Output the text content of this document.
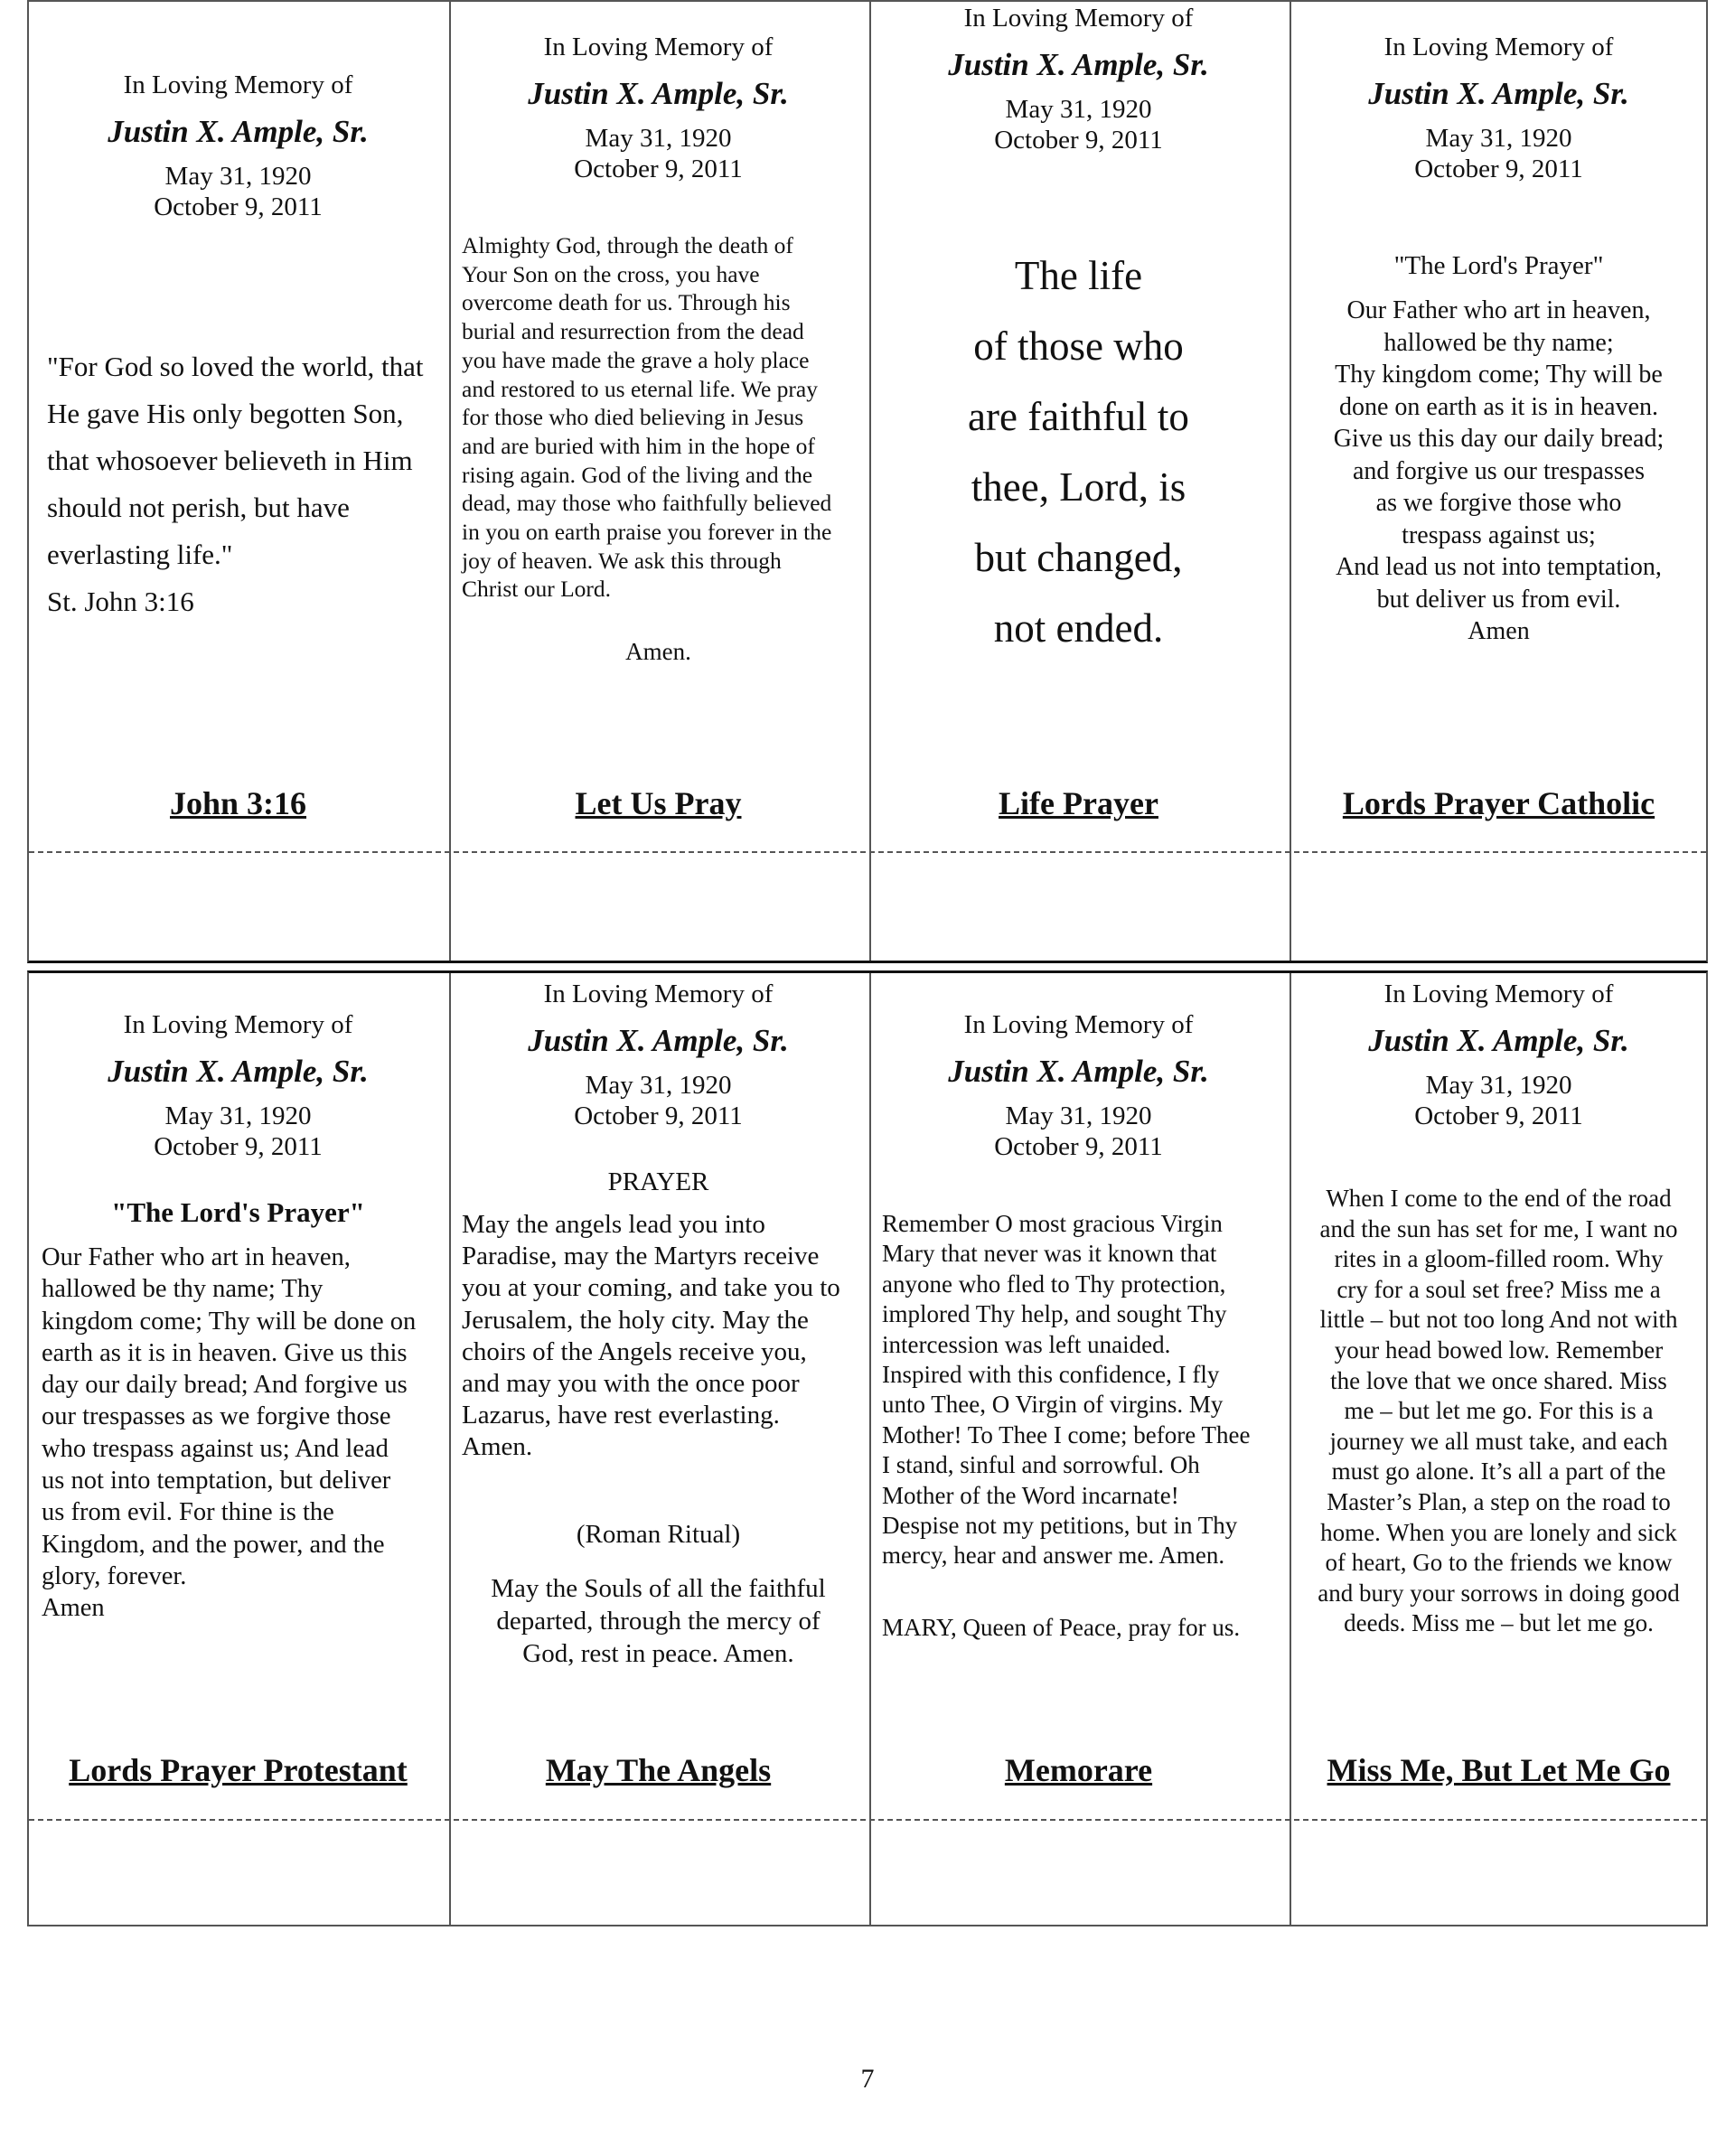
In Loving Memory of
Justin X. Ample, Sr.
May 31, 1920
October 9, 2011
"For God so loved the world, that
He gave His only begotten Son,
that whosoever believeth in Him
should not perish, but have
everlasting life."
St. John 3:16
John 3:16
In Loving Memory of
Justin X. Ample, Sr.
May 31, 1920
October 9, 2011
Almighty God, through the death of
Your Son on the cross, you have
overcome death for us. Through his
burial and resurrection from the dead
you have made the grave a holy place
and restored to us eternal life. We pray
for those who died believing in Jesus
and are buried with him in the hope of
rising again. God of the living and the
dead, may those who faithfully believed
in you on earth praise you forever in the
joy of heaven. We ask this through
Christ our Lord.
Amen.
Let Us Pray
In Loving Memory of
Justin X. Ample, Sr.
May 31, 1920
October 9, 2011
The life
of those who
are faithful to
thee, Lord, is
but changed,
not ended.
Life Prayer
In Loving Memory of
Justin X. Ample, Sr.
May 31, 1920
October 9, 2011
"The Lord's Prayer"
Our Father who art in heaven,
hallowed be thy name;
Thy kingdom come; Thy will be
done on earth as it is in heaven.
Give us this day our daily bread;
and forgive us our trespasses
as we forgive those who
trespass against us;
And lead us not into temptation,
but deliver us from evil.
Amen
Lords Prayer Catholic
In Loving Memory of
Justin X. Ample, Sr.
May 31, 1920
October 9, 2011
"The Lord's Prayer"
Our Father who art in heaven,
hallowed be thy name; Thy
kingdom come; Thy will be done on
earth as it is in heaven. Give us this
day our daily bread; And forgive us
our trespasses as we forgive those
who trespass against us; And lead
us not into temptation, but deliver
us from evil. For thine is the
Kingdom, and the power, and the
glory, forever.
Amen
Lords Prayer Protestant
In Loving Memory of
Justin X. Ample, Sr.
May 31, 1920
October 9, 2011
PRAYER
May the angels lead you into
Paradise, may the Martyrs receive
you at your coming, and take you to
Jerusalem, the holy city. May the
choirs of the Angels receive you,
and may you with the once poor
Lazarus, have rest everlasting.
Amen.
(Roman Ritual)
May the Souls of all the faithful
departed, through the mercy of
God, rest in peace. Amen.
May The Angels
In Loving Memory of
Justin X. Ample, Sr.
May 31, 1920
October 9, 2011
Remember O most gracious Virgin
Mary that never was it known that
anyone who fled to Thy protection,
implored Thy help, and sought Thy
intercession was left unaided.
Inspired with this confidence, I fly
unto Thee, O Virgin of virgins. My
Mother! To Thee I come; before Thee
I stand, sinful and sorrowful. Oh
Mother of the Word incarnate!
Despise not my petitions, but in Thy
mercy, hear and answer me. Amen.
MARY, Queen of Peace, pray for us.
Memorare
In Loving Memory of
Justin X. Ample, Sr.
May 31, 1920
October 9, 2011
When I come to the end of the road
and the sun has set for me, I want no
rites in a gloom-filled room. Why
cry for a soul set free? Miss me a
little – but not too long And not with
your head bowed low. Remember
the love that we once shared. Miss
me – but let me go. For this is a
journey we all must take, and each
must go alone. It’s all a part of the
Master’s Plan, a step on the road to
home. When you are lonely and sick
of heart, Go to the friends we know
and bury your sorrows in doing good
deeds. Miss me – but let me go.
Miss Me, But Let Me Go
7
